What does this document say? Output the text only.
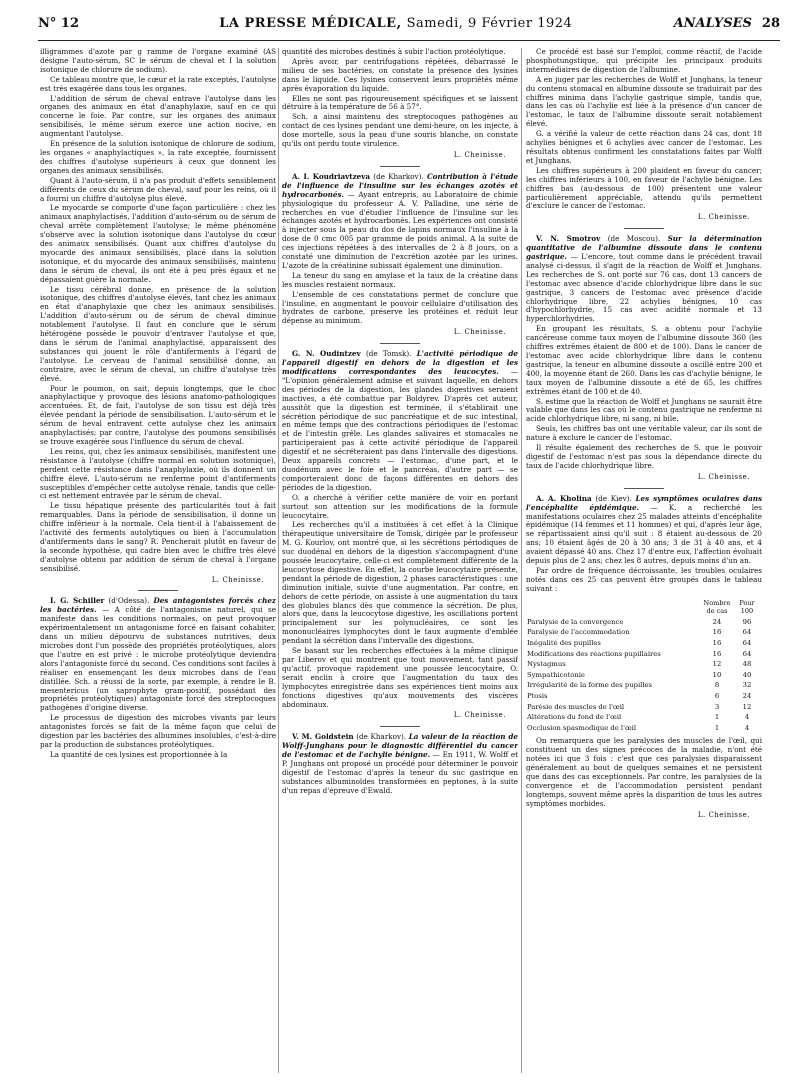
N° 12	LA PRESSE MÉDICALE, Samedi, 9 Février 1924	ANALYSES 28

illigrammes d'azote par g ramme de l'organe examiné (AS désigne l'auto-sérum, SC le sérum de cheval et I la solution isotonique de chlorure de sodium).

Ce tableau montre que, le cœur et la rate exceptés, l'autolyse est très exagérée dans tous les organes.

L'addition de sérum de cheval entrave l'autolyse dans les organes des animaux en état d'anaphylaxie, sauf en ce qui concerne le foie. Par contre, sur les organes des animaux sensibilisés, le même sérum exerce une action nocive, en augmentant l'autolyse.

En présence de la solution isotonique de chlorure de sodium, les organes « anaphylactiques », la rate exceptée, fournissent des chiffres d'autolyse supérieurs à ceux que donnent les organes des animaux sensibilisés.

Quant à l'auto-sérum, il n'a pas produit d'effets sensiblement différents de ceux du sérum de cheval, sauf pour les reins, où il a fourni un chiffre d'autolyse plus élevé.

Le myocarde se comporte d'une façon particulière : chez les animaux anaphylactisés, l'addition d'auto-sérum ou de sérum de cheval arrête complètement l'autolyse; le même phénomène s'observe avec la solution isotonique dans l'autolyse du cœur des animaux sensibilisés. Quant aux chiffres d'autolyse du myocarde des animaux sensibilisés, placé dans la solution isotonique, et du myocarde des animaux sensibilisés, maintenu dans le sérum de cheval, ils ont été à peu près égaux et ne dépassaient guère la normale.

Le tissu cérébral donne, en présence de la solution isotonique, des chiffres d'autolyse élevés, tant chez les animaux en état d'anaphylaxie que chez les animaux sensibilisés. L'addition d'auto-sérum ou de sérum de cheval diminue notablement l'autolyse. Il faut en conclure que le sérum hétérogène possède le pouvoir d'entraver l'autolyse et que, dans le sérum de l'animal anaphylactisé, apparaissent des substances qui jouent le rôle d'antiferments à l'égard de l'autolyse. Le cerveau de l'animal sensibilisé donne, au contraire, avec le sérum de cheval, un chiffre d'autolyse très élevé.

Pour le poumon, on sait, depuis longtemps, que le choc anaphylactique y provoque des lésions anatomo-pathologiques accentuées. Et, de fait, l'autolyse de son tissu est déjà très élevée pendant la période de sensibilisation. L'auto-sérum et le sérum de heval entravent cette autolyse chez les animaux anaphylactisés; par contre, l'autolyse des poumons sensibilisés se trouve exagérée sous l'influence du sérum de cheval.

Les reins, qui, chez les animaux sensibilisés, manifestent une résistance à l'autolyse (chiffre normal en solution isotonique), perdent cette résistance dans l'anaphylaxie, où ils donnent un chiffre élevé. L'auto-sérum ne renferme point d'antiferments susceptibles d'empêcher cette autolyse rénale, tandis que celle-ci est nettement entravée par le sérum de cheval.

Le tissu hépatique présente des particularités tout à fait remarquables. Dans la période de sensibilisation, il donne un chiffre inférieur à la normale. Cela tient-il à l'abaissement de l'activité des ferments autolytiques ou bien à l'accumulation d'antiferments dans le sang? R. Pencherait plutôt en faveur de la seconde hypothèse, qui cadre bien avec le chiffre très élevé d'autolyse obtenu par addition de sérum de cheval à l'organe sensibilisé.

L. Cheinisse.

I. G. Schiller (d'Odessa). Des antagonistes forcés chez les bactéries. — A côté de l'antagonisme naturel, qui se manifeste dans les conditions normales, on peut provoquer expérimentalement un antagonisme forcé en faisant cohabiter, dans un milieu dépourvu de substances nutritives, deux microbes dont l'un possède des propriétés protéolytiques, alors que l'autre en est privé : le microbe protéolytique deviendra alors l'antagoniste forcé du second. Ces conditions sont faciles à réaliser en ensemençant les deux microbes dans de l'eau distillée. Sch. a réussi de la sorte, par exemple, à rendre le B. mesentericus (un saprophyte gram-positif, possédant des propriétés protéolytiques) antagoniste forcé des streptocoques pathogènes d'origine diverse.

Le processus de digestion des microbes vivants par leurs antagonistes forcés se fait de la même façon que celui de digestion par les bactéries des albumines insolubles, c'est-à-dire par la production de substances protéolytiques.

La quantité de ces lysines est proportionnée à la

quantité des microbes destinés à subir l'action protéolytique.

Après avoir, par centrifugations répétées, débarrassé le milieu de ses bactéries, on constate la présence des lysines dans le liquide. Ces lysines conservent leurs propriétés même après évaporation du liquide.

Elles ne sont pas rigoureusement spécifiques et se laissent détruire à la température de 56 à 57°.

Sch. a ainsi maintenu des streptocoques pathogènes au contact de ces lysines pendant une demi-heure, on les injecte, à dose mortelle, sous la peau d'une souris blanche, on constate qu'ils ont perdu toute virulence.

L. Cheinisse.

A. I. Koudriavtzeva (de Kharkov). Contribution à l'étude de l'influence de l'insuline sur les échanges azotés et hydrocarbonés. — Ayant entrepris, au Laboratoire de chimie physiologique du professeur A. V. Palladine, une série de recherches en vue d'étudier l'influence de l'insuline sur les échanges azotés et hydrocarbonés. Les expériences ont consisté à injecter sous la peau du dos de lapins normaux l'insuline à la dose de 0 cmc 005 par gramme de poids animal. A la suite de ces injections répétées à des intervalles de 2 à 8 jours, on a constaté une diminution de l'excrétion azotée par les urines. L'azote de la créatinine subissait également une diminution.

La teneur du sang en amylase et la taux de la créatine dans les muscles restaient normaux.

L'ensemble de ces constatations permet de conclure que l'insuline, en augmentant le pouvoir cellulaire d'utilisation des hydrates de carbone, préserve les protéines et réduit leur dépense au minimum.

L. Cheinisse.

G. N. Oudintzev (de Tomsk). L'activité périodique de l'appareil digestif en dehors de la digestion et les modifications correspondantes des leucocytes. — "L'opinion généralement admise et suivant laquelle, en dehors des périodes de la digestion, les glandes digestives seraient inactives, a été combattue par Boldyrev. D'après cet auteur, aussitôt que la digestion est terminée, il s'établirait une sécrétion périodique de suc pancréatique et de suc intestinal, en même temps que des contractions périodiques de l'estomac et de l'intestin grêle. Les glandes salivaires et stomacales ne participeraient pas à cette activité périodique de l'appareil digestif et ne sécréteraient pas dans l'intervalle des digestions. Deux appareils concrets — l'estomac, d'une part, et le duodénum avec le foie et le pancréas, d'autre part — se comporteraient donc de façons différentes en dehors des périodes de la digestion.

O. a cherché à vérifier cette manière de voir en portant surtout son attention sur les modifications de la formule leucocytaire.

Les recherches qu'il a instituées à cet effet à la Clinique thérapeutique universitaire de Tomsk, dirigée par le professeur M. G. Kourlov, ont montré que, si les sécrétions périodiques de suc duodénal en dehors de la digestion s'accompagnent d'une poussée leucocytaire, celle-ci est complètement différente de la leucocytose digestive. En effet, la courbe leucocytaire présente, pendant la période de digestion, 2 phases caractéristiques : une diminution initiale, suivie d'une augmentation. Par contre, en dehors de cette période, on assiste à une augmentation du taux des globules blancs dès que commence la sécrétion. De plus, alors que, dans la leucocytose digestive, les oscillations portent principalement sur les polynucléaires, ce sont les mononucléaires lymphocytes dont le taux augmente d'emblée pendant la sécrétion dans l'intervalle des digestions.

Se basant sur les recherches effectuées à la même clinique par Liberov et qui montrent que tout mouvement, tant passif qu'actif, provoque rapidement une poussée leucocytaire, O. serait enclin à croire que l'augmentation du taux des lymphocytes enregistrée dans ses expériences tient moins aux fonctions digestives qu'aux mouvements des viscères abdominaux.

L. Cheinisse.

V. M. Goldstein (de Kharkov). La valeur de la réaction de Wolff-Junghans pour le diagnostic différentiel du cancer de l'estomac et de l'achylie bénigne. — En 1911, W. Wolff et P. Junghans ont proposé un procédé pour déterminer le pouvoir digestif de l'estomac d'après la teneur du suc gastrique en substances albuminoïdes transformées en peptones, à la suite d'un repas d'épreuve d'Ewald.

Ce procédé est basé sur l'emploi, comme réactif, de l'acide phosphotungstique, qui précipite les principaux produits intermédiaires de digestion de l'albumine.

A en juger par les recherches de Wolff et Junghans, la teneur du contenu stomacal en albumine dissoute se traduirait par des chiffres minima dans l'achylie gastrique simple, tandis que, dans les cas où l'achylie est liée à la présence d'un cancer de l'estomac, le taux de l'albumine dissoute serait notablement élevé.

G. a vérifié la valeur de cette réaction dans 24 cas, dont 18 achylies bénignes et 6 achylies avec cancer de l'estomac. Les résultats obtenus confirment les constatations faites par Wolff et Junghans.

Les chiffres supérieurs à 200 plaident en faveur du cancer; les chiffres inférieurs à 100, en faveur de l'achylie bénigne. Les chiffres bas (au-dessous de 100) présentent une valeur particulièrement appréciable, attendu qu'ils permettent d'exclure le cancer de l'estomac.

L. Cheinisse.

V. N. Smotrov (de Moscou). Sur la détermination quantitative de l'albumine dissoute dans le contenu gastrique. — L'encore, tout comme dans le précédent travail analysé ci-dessus, il s'agit de la réaction de Wolff et Junghans. Les recherches de S. ont porté sur 76 cas, dont 13 cancers de l'estomac avec absence d'acide chlorhydrique libre dans le suc gastrique, 3 cancers de l'estomac avec présence d'acide chlorhydrique libre, 22 achylies bénignes, 10 cas d'hypochlorhydrie, 15 cas avec acidité normale et 13 hyperchlorhydries.

En groupant les résultats, S. a obtenu pour l'achylie cancéreuse comme taux moyen de l'albumine dissoute 360 (les chiffres extrêmes étaient de 800 et de 100). Dans le cancer de l'estomac avec acide chlorhydrique libre dans le contenu gastrique, la teneur en albumine dissoute a oscillé entre 200 et 400, la moyenne étant de 260. Dans les cas d'achylie bénigne, le taux moyen de l'albumine dissoute a été de 65, les chiffres extrêmes étant de 100 et de 40.

S. estime que la réaction de Wolff et Junghans ne saurait être valable que dans les cas où le contenu gastrique ne renferme ni acide chlorhydrique libre, ni sang, ni bile.

Seuls, les chiffres bas ont une véritable valeur, car ils sont de nature à exclure le cancer de l'estomac.

Il résulte également des recherches de S. que le pouvoir digestif de l'estomac n'est pas sous la dépendance directe du taux de l'acide chlorhydrique libre.

L. Cheinisse.

A. A. Kholina (de Kiev). Les symptômes oculaires dans l'encéphalite épidémique. — K. a recherché les manifestations oculaires chez 25 malades atteints d'encéphalite épidémique (14 femmes et 11 hommes) et qui, d'après leur âge, se répartissaient ainsi qu'il suit : 8 étaient au-dessous de 20 ans; 10 étaient âgés de 20 à 30 ans; 3 de 31 à 40 ans, et 4 avaient dépassé 40 ans. Chez 17 d'entre eux, l'affection évoluait depuis plus de 2 ans; chez les 8 autres, depuis moins d'un an.

Par ordre de fréquence décroissante, les troubles oculaires notés dans ces 25 cas peuvent être groupés dans le tableau suivant :

	Nombre de cas	Pour 100
Paralysie de la convergence	24	96
Paralysie de l'accommodation	16	64
Inégalité des pupilles	16	64
Modifications des réactions pupillaires	16	64
Nystagmus	12	48
Sympathicotonie	10	40
Irrégularité de la forme des pupilles	8	32
Ptosis	6	24
Parésie des muscles de l'œil	3	12
Altérations du fond de l'œil	1	4
Occlusion spasmodique de l'œil	1	4

On remarquera que les paralysies des muscles de l'œil, qui constituent un des signes précoces de la maladie, n'ont été notées ici que 3 fois : c'est que ces paralysies disparaissent généralement au bout de quelques semaines et ne persistent que dans des cas exceptionnels. Par contre, les paralysies de la convergence et de l'accommodation persistent pendant longtemps, souvent même après la disparition de tous les autres symptômes morbides.

L. Cheinisse.
